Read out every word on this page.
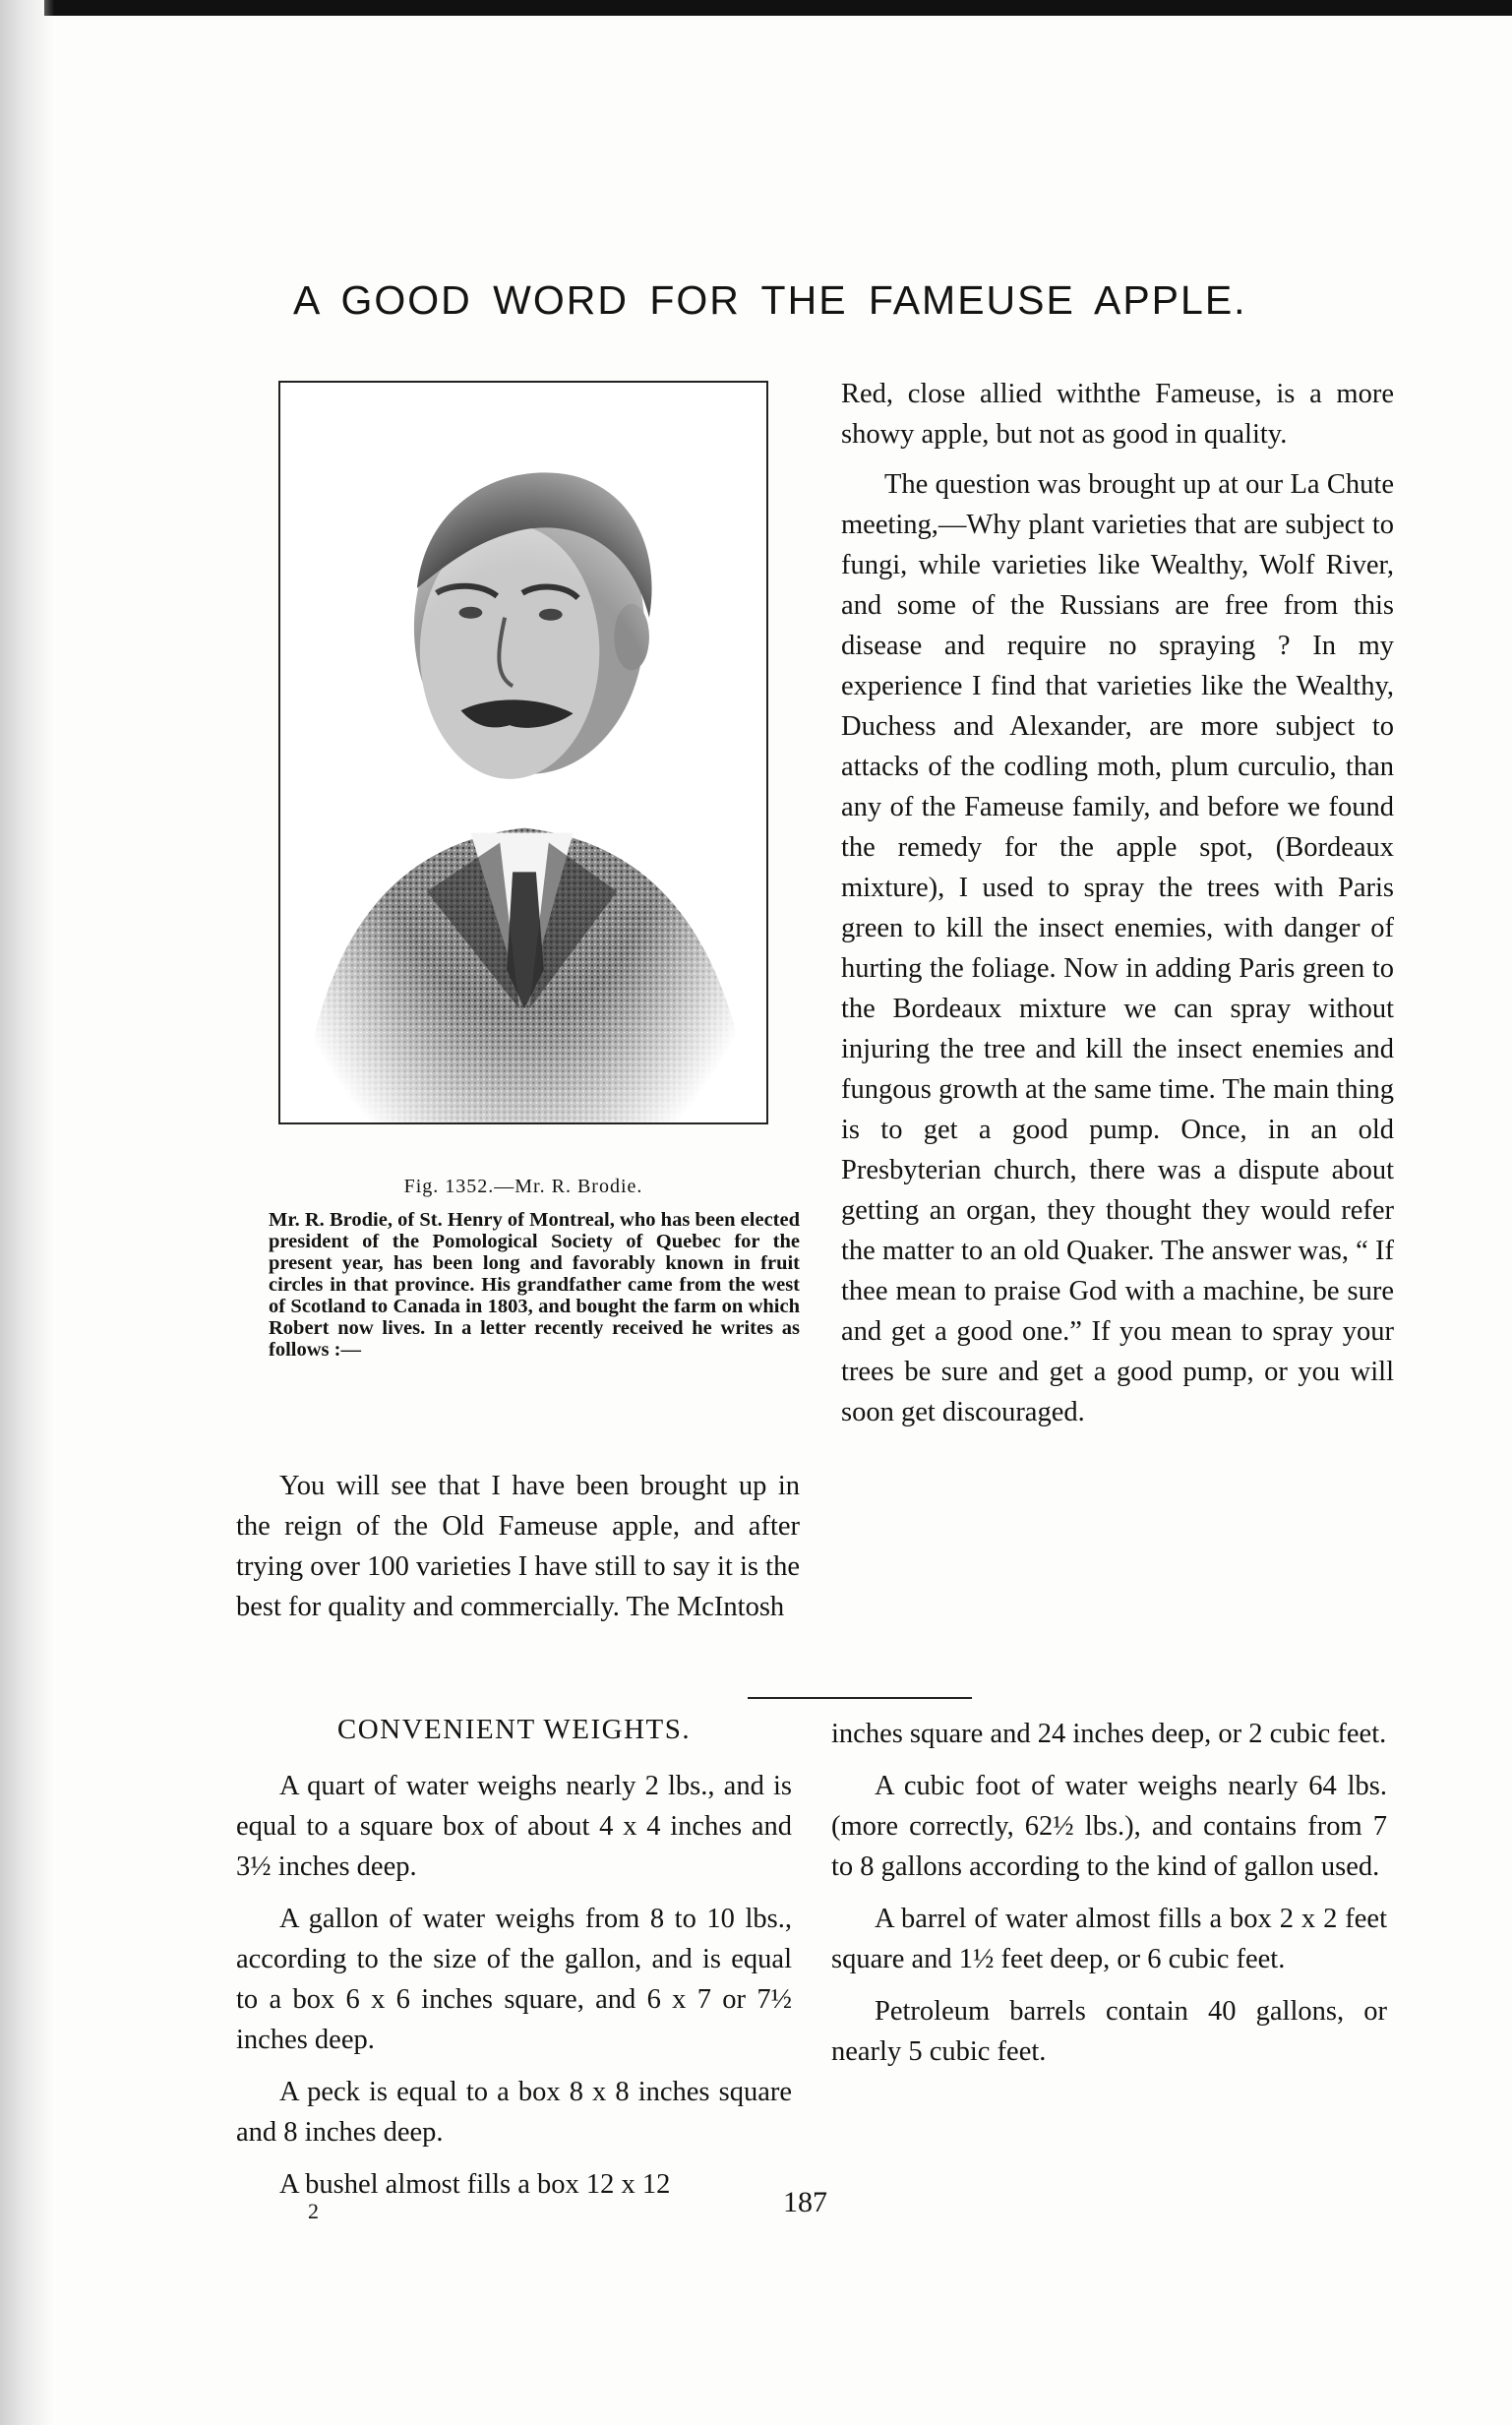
A GOOD WORD FOR THE FAMEUSE APPLE.

Fig. 1352.—Mr. R. Brodie.

Mr. R. Brodie, of St. Henry of Montreal, who has been elected president of the Pomological Society of Quebec for the present year, has been long and favorably known in fruit circles in that province. His grandfather came from the west of Scotland to Canada in 1803, and bought the farm on which Robert now lives. In a letter recently received he writes as follows :—

You will see that I have been brought up in the reign of the Old Fameuse apple, and after trying over 100 varieties I have still to say it is the best for quality and commercially. The McIntosh

Red, close allied withthe Fameuse, is a more showy apple, but not as good in quality.

The question was brought up at our La Chute meeting,—Why plant varieties that are subject to fungi, while varieties like Wealthy, Wolf River, and some of the Russians are free from this disease and require no spraying ? In my experience I find that varieties like the Wealthy, Duchess and Alexander, are more subject to attacks of the codling moth, plum curculio, than any of the Fameuse family, and before we found the remedy for the apple spot, (Bordeaux mixture), I used to spray the trees with Paris green to kill the insect enemies, with danger of hurting the foliage. Now in adding Paris green to the Bordeaux mixture we can spray without injuring the tree and kill the insect enemies and fungous growth at the same time. The main thing is to get a good pump. Once, in an old Presbyterian church, there was a dispute about getting an organ, they thought they would refer the matter to an old Quaker. The answer was, “ If thee mean to praise God with a machine, be sure and get a good one.” If you mean to spray your trees be sure and get a good pump, or you will soon get discouraged.

CONVENIENT WEIGHTS.

A quart of water weighs nearly 2 lbs., and is equal to a square box of about 4 x 4 inches and 3½ inches deep.

A gallon of water weighs from 8 to 10 lbs., according to the size of the gallon, and is equal to a box 6 x 6 inches square, and 6 x 7 or 7½ inches deep.

A peck is equal to a box 8 x 8 inches square and 8 inches deep.

A bushel almost fills a box 12 x 12

inches square and 24 inches deep, or 2 cubic feet.

A cubic foot of water weighs nearly 64 lbs. (more correctly, 62½ lbs.), and contains from 7 to 8 gallons according to the kind of gallon used.

A barrel of water almost fills a box 2 x 2 feet square and 1½ feet deep, or 6 cubic feet.

Petroleum barrels contain 40 gallons, or nearly 5 cubic feet.

2	187
